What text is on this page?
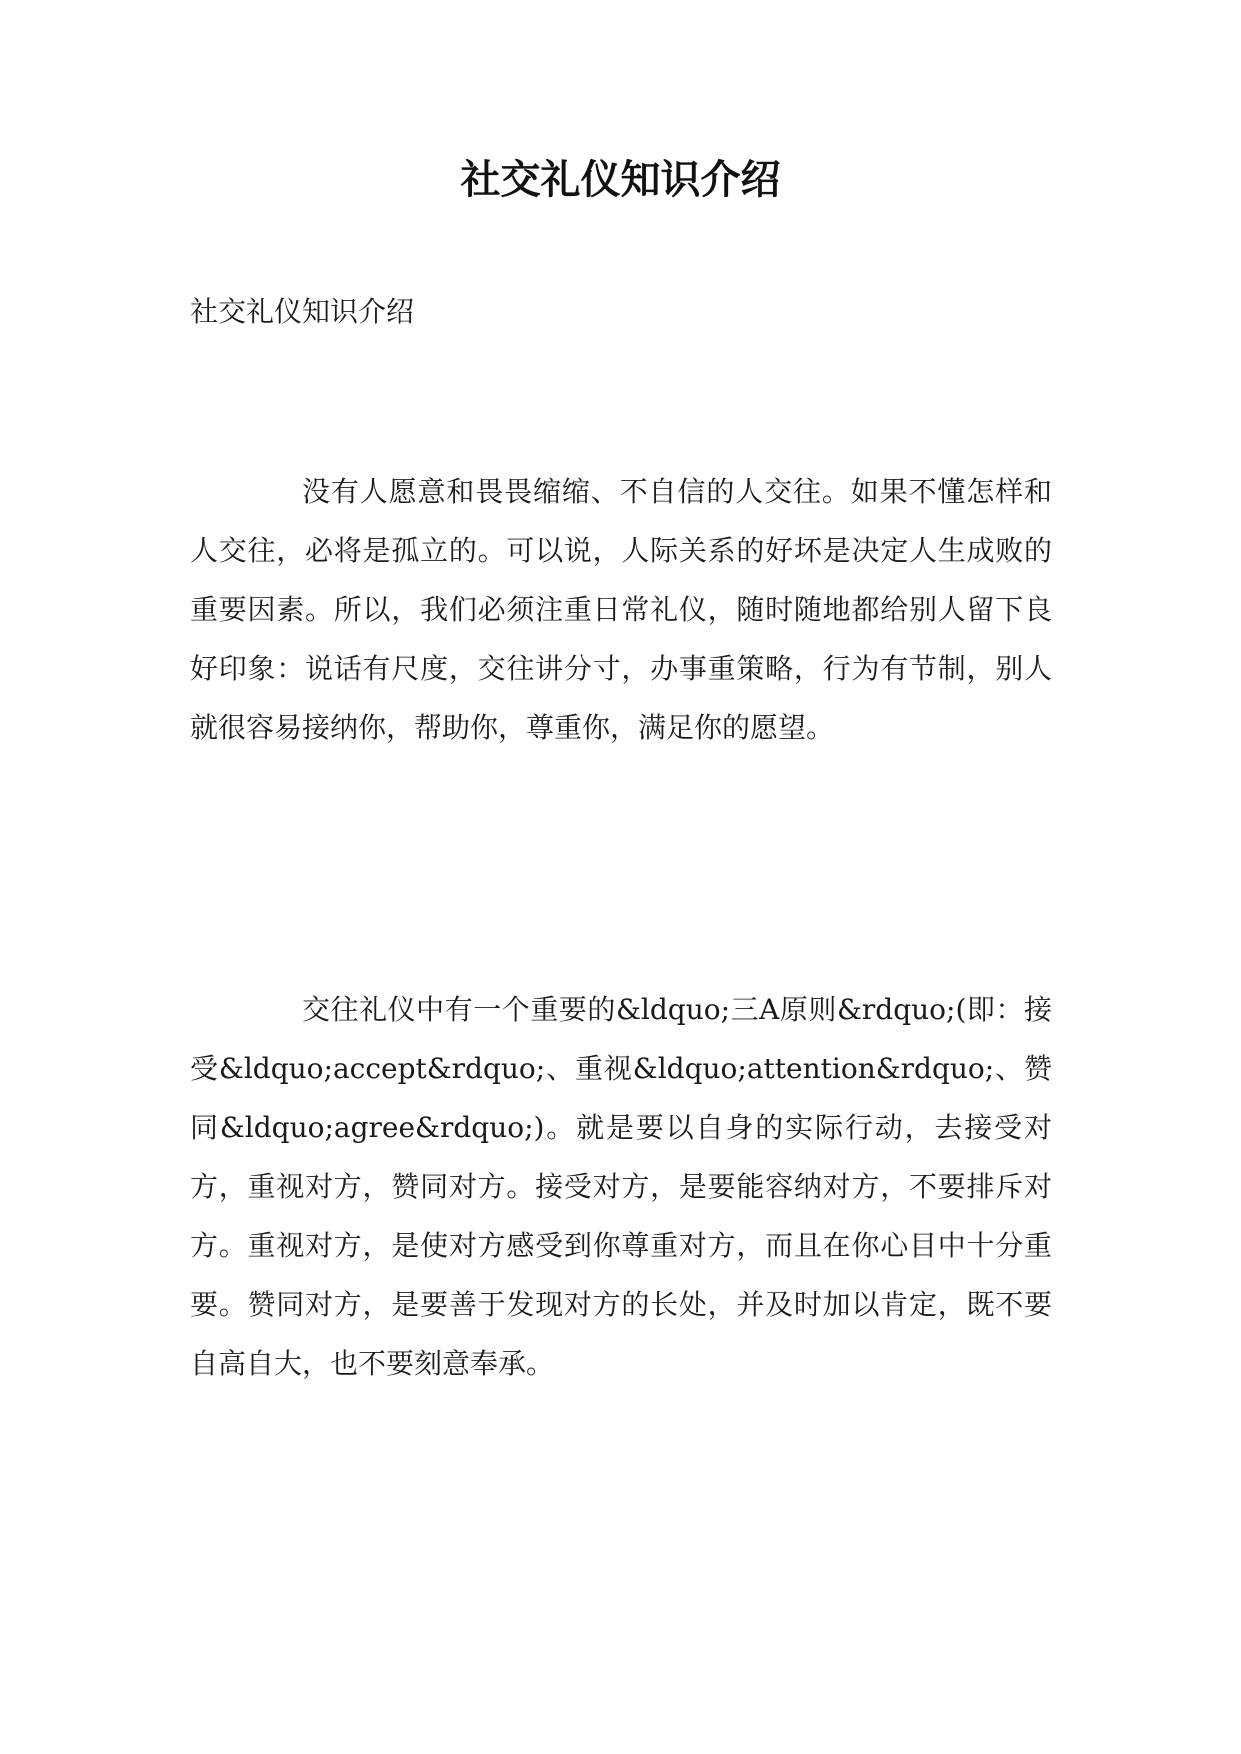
社交礼仪知识介绍

社交礼仪知识介绍

没有人愿意和畏畏缩缩、不自信的人交往。如果不懂怎样和人交往，必将是孤立的。可以说，人际关系的好坏是决定人生成败的重要因素。所以，我们必须注重日常礼仪，随时随地都给别人留下良好印象：说话有尺度，交往讲分寸，办事重策略，行为有节制，别人就很容易接纳你，帮助你，尊重你，满足你的愿望。

交往礼仪中有一个重要的&ldquo;三A原则&rdquo;(即：接受&ldquo;accept&rdquo;、重视&ldquo;attention&rdquo;、赞同&ldquo;agree&rdquo;)。就是要以自身的实际行动，去接受对方，重视对方，赞同对方。接受对方，是要能容纳对方，不要排斥对方。重视对方，是使对方感受到你尊重对方，而且在你心目中十分重要。赞同对方，是要善于发现对方的长处，并及时加以肯定，既不要自高自大，也不要刻意奉承。
